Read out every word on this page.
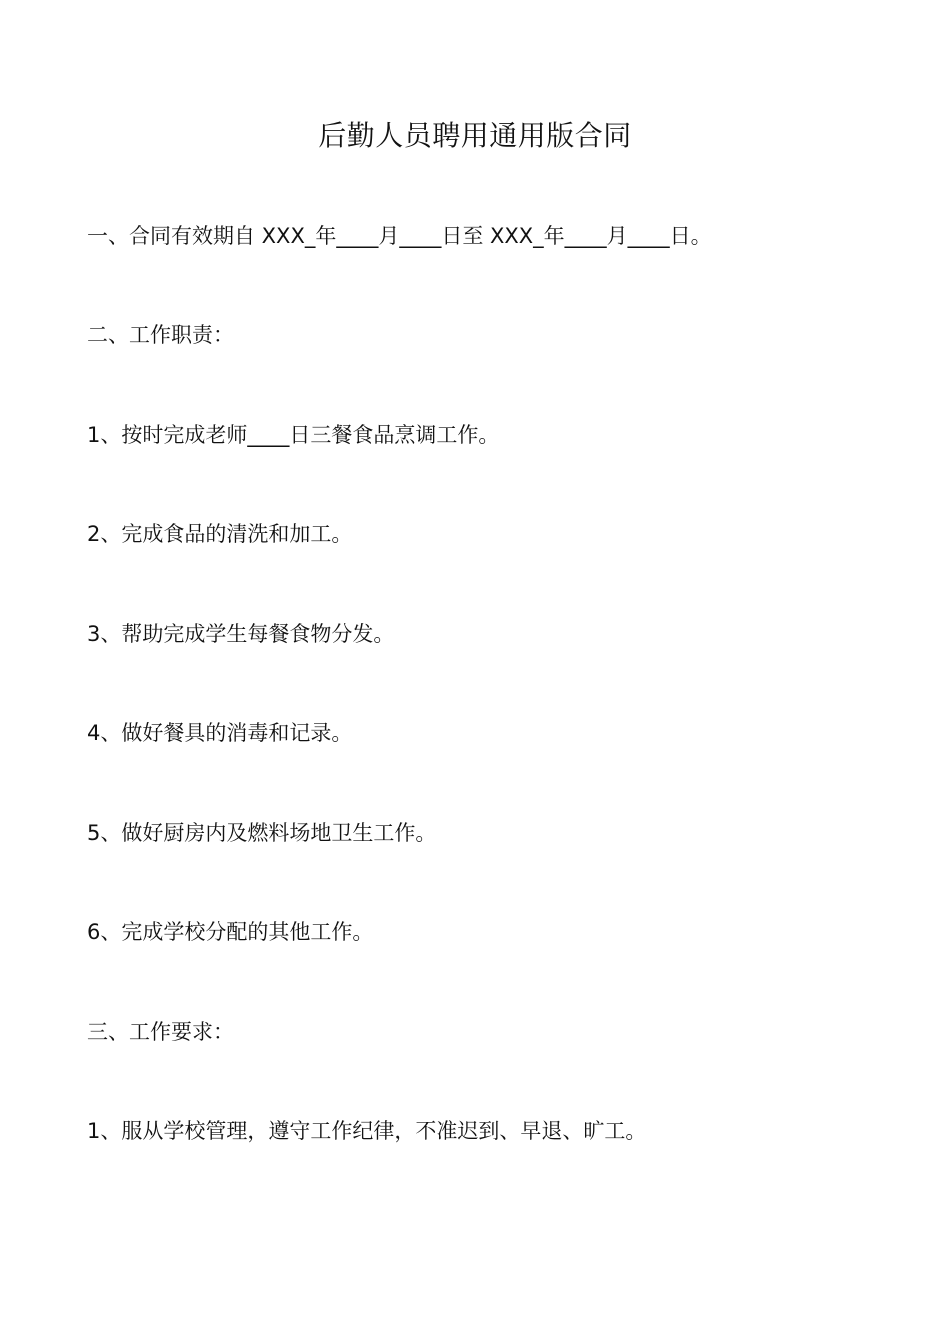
后勤人员聘用通用版合同
一、合同有效期自 XXX_年____月____日至 XXX_年____月____日。
二、工作职责：
1、按时完成老师____日三餐食品烹调工作。
2、完成食品的清洗和加工。
3、帮助完成学生每餐食物分发。
4、做好餐具的消毒和记录。
5、做好厨房内及燃料场地卫生工作。
6、完成学校分配的其他工作。
三、工作要求：
1、服从学校管理，遵守工作纪律，不准迟到、早退、旷工。
